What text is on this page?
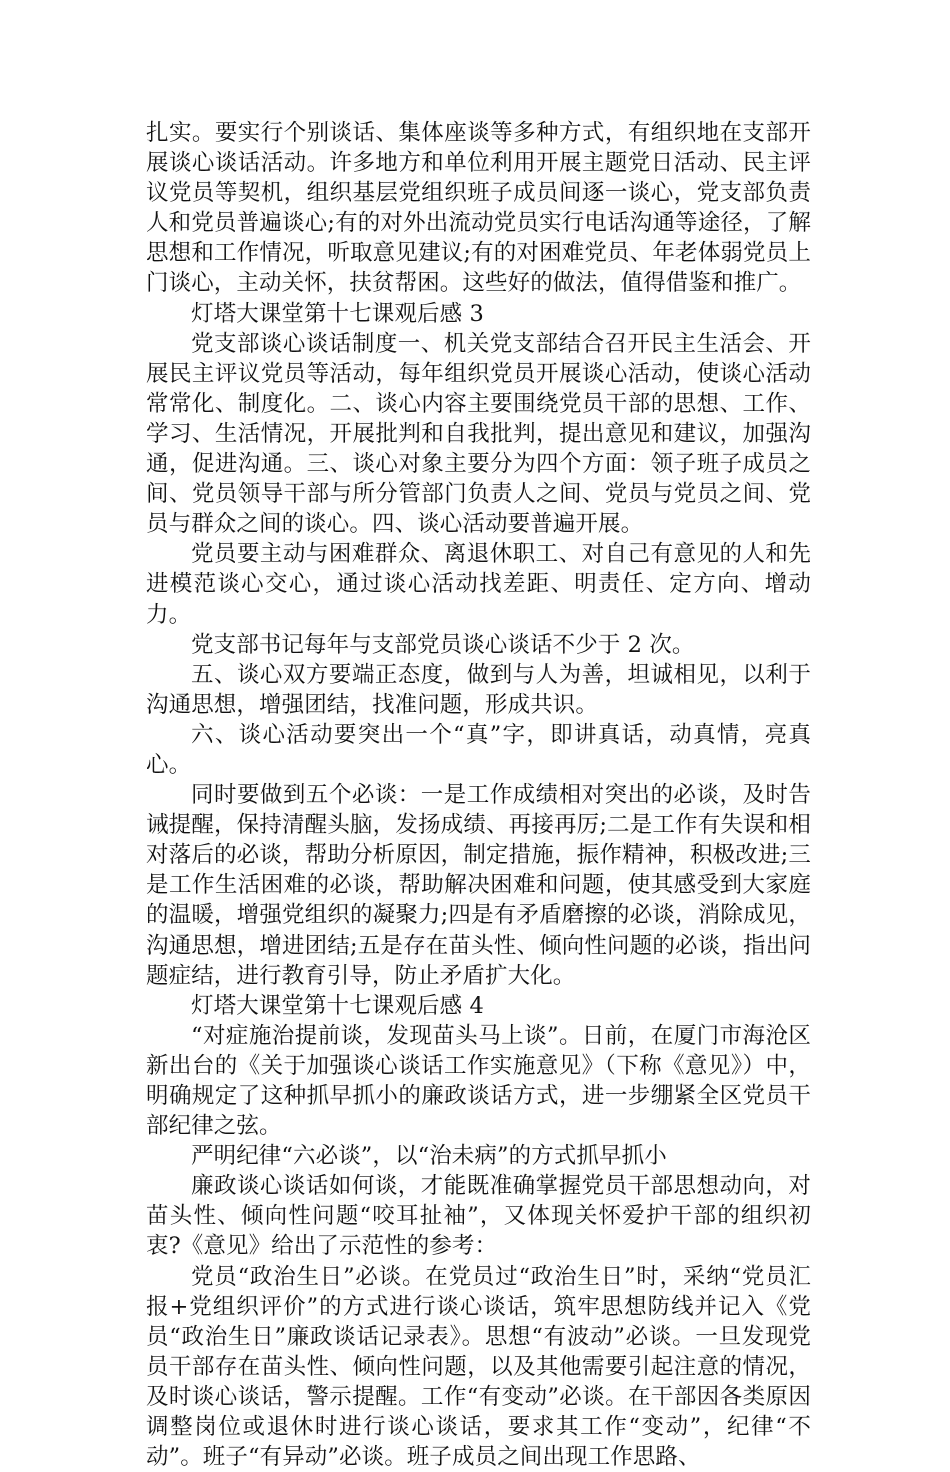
扎实。要实行个别谈话、集体座谈等多种方式，有组织地在支部开展谈心谈话活动。许多地方和单位利用开展主题党日活动、民主评议党员等契机，组织基层党组织班子成员间逐一谈心，党支部负责人和党员普遍谈心;有的对外出流动党员实行电话沟通等途径，了解思想和工作情况，听取意见建议;有的对困难党员、年老体弱党员上门谈心，主动关怀，扶贫帮困。这些好的做法，值得借鉴和推广。

灯塔大课堂第十七课观后感 3

党支部谈心谈话制度一、机关党支部结合召开民主生活会、开展民主评议党员等活动，每年组织党员开展谈心活动，使谈心活动常常化、制度化。二、谈心内容主要围绕党员干部的思想、工作、学习、生活情况，开展批判和自我批判，提出意见和建议，加强沟通，促进沟通。三、谈心对象主要分为四个方面：领子班子成员之间、党员领导干部与所分管部门负责人之间、党员与党员之间、党员与群众之间的谈心。四、谈心活动要普遍开展。

党员要主动与困难群众、离退休职工、对自己有意见的人和先进模范谈心交心，通过谈心活动找差距、明责任、定方向、增动力。

党支部书记每年与支部党员谈心谈话不少于 2 次。

五、谈心双方要端正态度，做到与人为善，坦诚相见，以利于沟通思想，增强团结，找准问题，形成共识。

六、谈心活动要突出一个“真”字，即讲真话，动真情，亮真心。

同时要做到五个必谈：一是工作成绩相对突出的必谈，及时告诫提醒，保持清醒头脑，发扬成绩、再接再厉;二是工作有失误和相对落后的必谈，帮助分析原因，制定措施，振作精神，积极改进;三是工作生活困难的必谈，帮助解决困难和问题，使其感受到大家庭的温暖，增强党组织的凝聚力;四是有矛盾磨擦的必谈，消除成见，沟通思想，增进团结;五是存在苗头性、倾向性问题的必谈，指出问题症结，进行教育引导，防止矛盾扩大化。

灯塔大课堂第十七课观后感 4

“对症施治提前谈，发现苗头马上谈”。日前，在厦门市海沧区新出台的《关于加强谈心谈话工作实施意见》（下称《意见》）中，明确规定了这种抓早抓小的廉政谈话方式，进一步绷紧全区党员干部纪律之弦。

严明纪律“六必谈”，以“治未病”的方式抓早抓小

廉政谈心谈话如何谈，才能既准确掌握党员干部思想动向，对苗头性、倾向性问题“咬耳扯袖”，又体现关怀爱护干部的组织初衷?《意见》给出了示范性的参考：

党员“政治生日”必谈。在党员过“政治生日”时，采纳“党员汇报+党组织评价”的方式进行谈心谈话，筑牢思想防线并记入《党员“政治生日”廉政谈话记录表》。思想“有波动”必谈。一旦发现党员干部存在苗头性、倾向性问题，以及其他需要引起注意的情况，及时谈心谈话，警示提醒。工作“有变动”必谈。在干部因各类原因调整岗位或退休时进行谈心谈话，要求其工作“变动”，纪律“不动”。班子“有异动”必谈。班子成员之间出现工作思路、
